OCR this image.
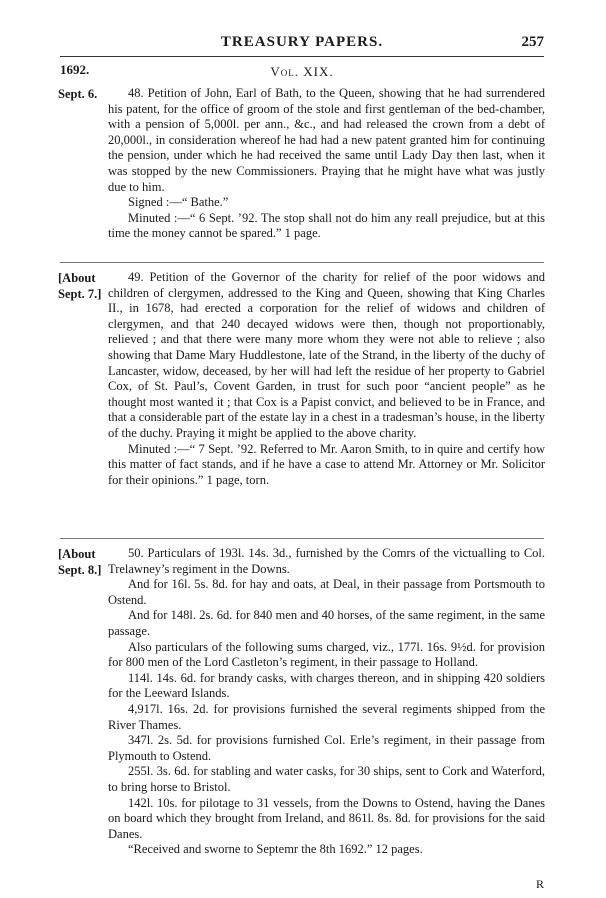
TREASURY PAPERS.	257
1692.	Vol. XIX.
Sept. 6.	48. Petition of John, Earl of Bath, to the Queen, showing that he had surrendered his patent, for the office of groom of the stole and first gentleman of the bed-chamber, with a pension of 5,000l. per ann., &c., and had released the crown from a debt of 20,000l., in consideration whereof he had had a new patent granted him for continuing the pension, under which he had received the same until Lady Day then last, when it was stopped by the new Commissioners. Praying that he might have what was justly due to him.

Signed :—“ Bathe.”

Minuted :—“ 6 Sept. ’92. The stop shall not do him any reall prejudice, but at this time the money cannot be spared.” 1 page.

[About Sept. 7.]

49. Petition of the Governor of the charity for relief of the poor widows and children of clergymen, addressed to the King and Queen, showing that King Charles II., in 1678, had erected a corporation for the relief of widows and children of clergymen, and that 240 decayed widows were then, though not proportionably, relieved ; and that there were many more whom they were not able to relieve ; also showing that Dame Mary Huddlestone, late of the Strand, in the liberty of the duchy of Lancaster, widow, deceased, by her will had left the residue of her property to Gabriel Cox, of St. Paul’s, Covent Garden, in trust for such poor “ancient people” as he thought most wanted it ; that Cox is a Papist convict, and believed to be in France, and that a considerable part of the estate lay in a chest in a tradesman’s house, in the liberty of the duchy. Praying it might be applied to the above charity.

Minuted :—“ 7 Sept. ’92. Referred to Mr. Aaron Smith, to in quire and certify how this matter of fact stands, and if he have a case to attend Mr. Attorney or Mr. Solicitor for their opinions.” 1 page, torn.

[About Sept. 8.]

50. Particulars of 193l. 14s. 3d., furnished by the Comrs of the victualling to Col. Trelawney’s regiment in the Downs.

And for 16l. 5s. 8d. for hay and oats, at Deal, in their passage from Portsmouth to Ostend.

And for 148l. 2s. 6d. for 840 men and 40 horses, of the same regiment, in the same passage.

Also particulars of the following sums charged, viz., 177l. 16s. 9½d. for provision for 800 men of the Lord Castleton’s regiment, in their passage to Holland.

114l. 14s. 6d. for brandy casks, with charges thereon, and in shipping 420 soldiers for the Leeward Islands.

4,917l. 16s. 2d. for provisions furnished the several regiments shipped from the River Thames.

347l. 2s. 5d. for provisions furnished Col. Erle’s regiment, in their passage from Plymouth to Ostend.

255l. 3s. 6d. for stabling and water casks, for 30 ships, sent to Cork and Waterford, to bring horse to Bristol.

142l. 10s. for pilotage to 31 vessels, from the Downs to Ostend, having the Danes on board which they brought from Ireland, and 861l. 8s. 8d. for provisions for the said Danes.

“Received and sworne to Septemr the 8th 1692.” 12 pages.

R
